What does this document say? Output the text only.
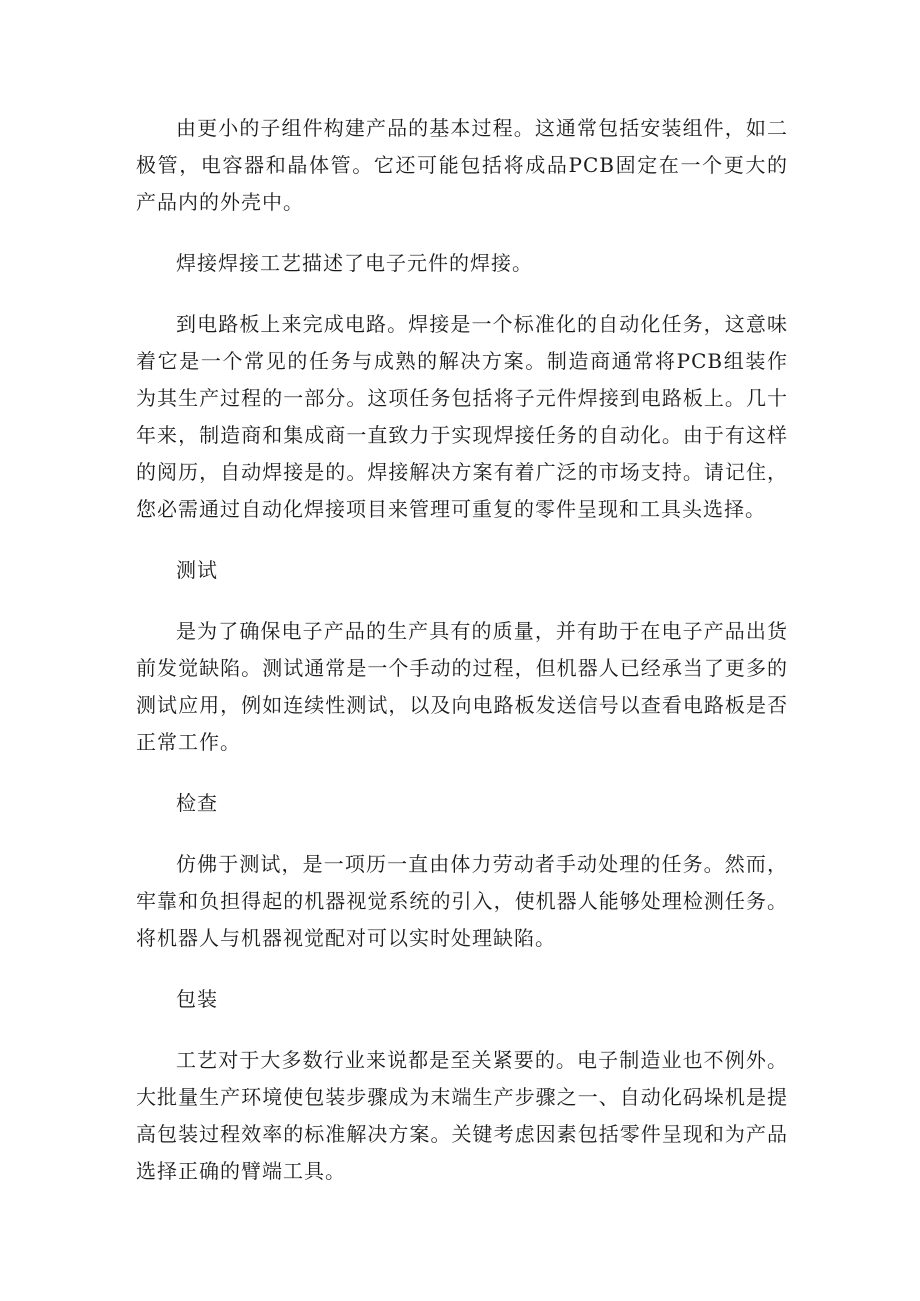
由更小的子组件构建产品的基本过程。这通常包括安装组件，如二极管，电容器和晶体管。它还可能包括将成品PCB固定在一个更大的产品内的外壳中。

焊接焊接工艺描述了电子元件的焊接。

到电路板上来完成电路。焊接是一个标准化的自动化任务，这意味着它是一个常见的任务与成熟的解决方案。制造商通常将PCB组装作为其生产过程的一部分。这项任务包括将子元件焊接到电路板上。几十年来，制造商和集成商一直致力于实现焊接任务的自动化。由于有这样的阅历，自动焊接是的。焊接解决方案有着广泛的市场支持。请记住，您必需通过自动化焊接项目来管理可重复的零件呈现和工具头选择。

测试

是为了确保电子产品的生产具有的质量，并有助于在电子产品出货前发觉缺陷。测试通常是一个手动的过程，但机器人已经承当了更多的测试应用，例如连续性测试，以及向电路板发送信号以查看电路板是否正常工作。

检查

仿佛于测试，是一项历一直由体力劳动者手动处理的任务。然而，牢靠和负担得起的机器视觉系统的引入，使机器人能够处理检测任务。将机器人与机器视觉配对可以实时处理缺陷。

包装

工艺对于大多数行业来说都是至关紧要的。电子制造业也不例外。大批量生产环境使包装步骤成为末端生产步骤之一、自动化码垛机是提高包装过程效率的标准解决方案。关键考虑因素包括零件呈现和为产品选择正确的臂端工具。
